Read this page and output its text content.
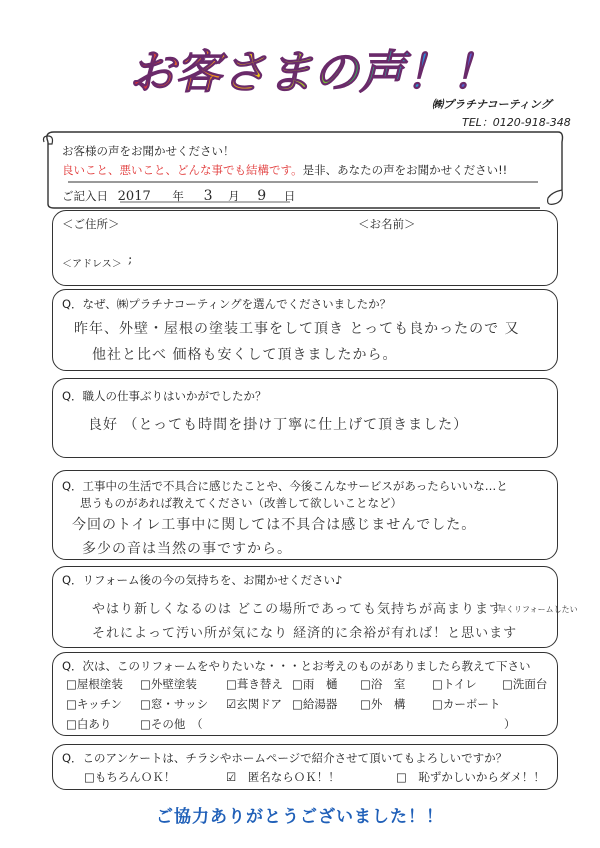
お客さまの声！！
㈱プラチナコーティング
TEL：0120-918-348
お客様の声をお聞かせください！
良いこと、悪いこと、どんな事でも結構です。是非、あなたの声をお聞かせください!!
ご記入日 2017 年 3 月 9 日
＜ご住所＞	＜お名前＞
＜アドレス＞ ;
Q．なぜ、㈱プラチナコーティングを選んでくださいましたか？
昨年、外壁・屋根の塗装工事をして頂き とっても良かったので 又
他社と比べ 価格も安くして頂きましたから。
Q．職人の仕事ぶりはいかがでしたか？
良好 （とっても時間を掛け丁寧に仕上げて頂きました）
Q．工事中の生活で不具合に感じたことや、今後こんなサービスがあったらいいな…と
思うものがあれば教えてください（改善して欲しいことなど）
今回のトイレ工事中に関しては不具合は感じませんでした。
多少の音は当然の事ですから。
Q．リフォーム後の今の気持ちを、お聞かせください♪
やはり新しくなるのは どこの場所であっても気持ちが高まります
早くリフォームしたい
それによって汚い所が気になり 経済的に余裕が有れば！と思います
Q．次は、このリフォームをやりたいな・・・とお考えのものがありましたら教えて下さい
□屋根塗装 □外壁塗装	□葺き替え □雨　樋 □浴　室 □トイレ □洗面台
□キッチン □窓・サッシ ☑玄関ドア □給湯器 □外　構 □カーポート
□白あり □その他　（	）
Q．このアンケートは、チラシやホームページで紹介させて頂いてもよろしいですか？
□もちろんＯＫ！	☑　匿名ならＯＫ！！	□　恥ずかしいからダメ！！
ご協力ありがとうございました！！
